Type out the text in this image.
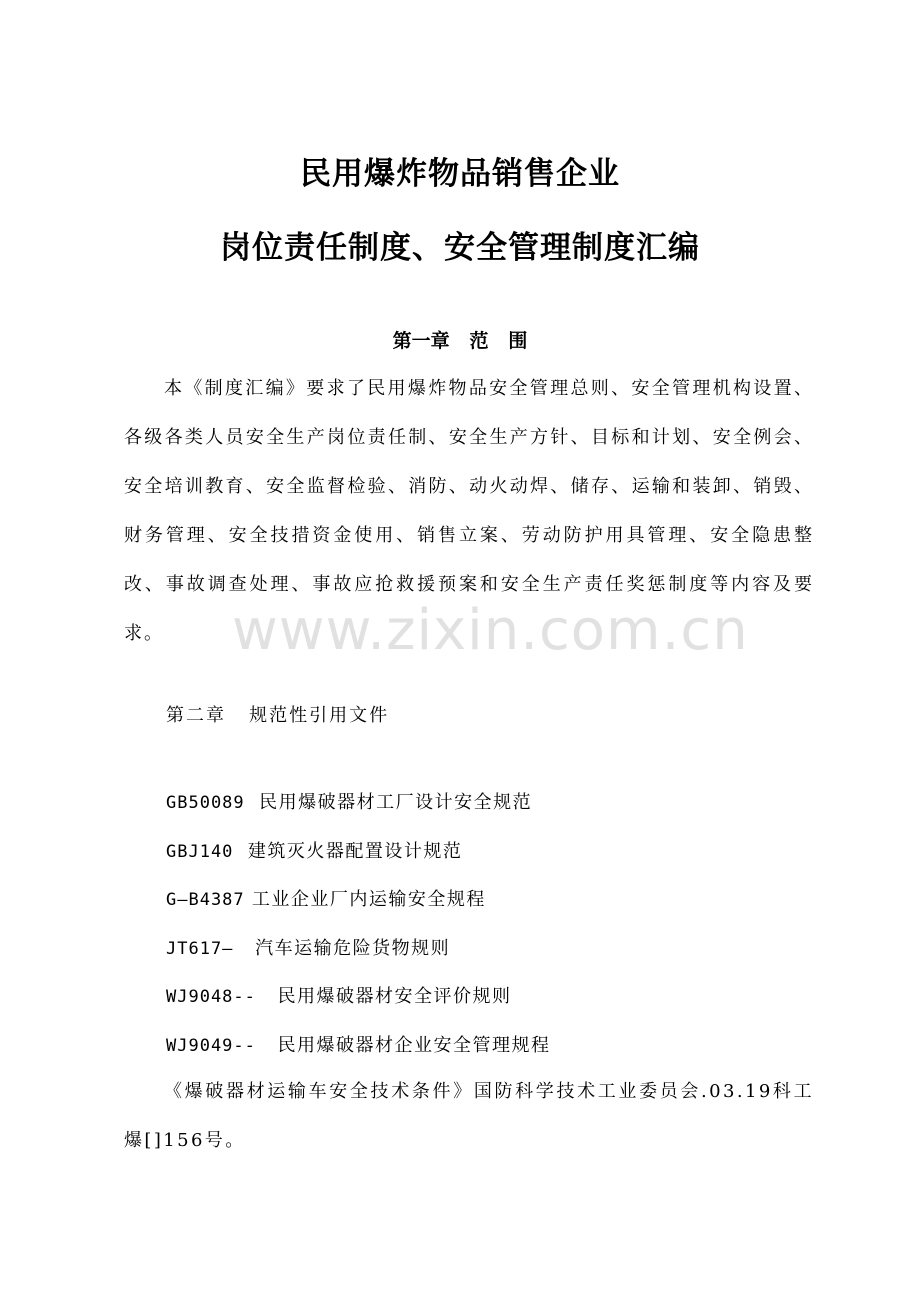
民用爆炸物品销售企业
岗位责任制度、安全管理制度汇编
第一章   范   围
本《制度汇编》要求了民用爆炸物品安全管理总则、安全管理机构设置、各级各类人员安全生产岗位责任制、安全生产方针、目标和计划、安全例会、安全培训教育、安全监督检验、消防、动火动焊、储存、运输和装卸、销毁、财务管理、安全技措资金使用、销售立案、劳动防护用具管理、安全隐患整改、事故调查处理、事故应抢救援预案和安全生产责任奖惩制度等内容及要求。
第二章   规范性引用文件
GB50089 民用爆破器材工厂设计安全规范
GBJ140 建筑灭火器配置设计规范
G—B4387 工业企业厂内运输安全规程
JT617— 汽车运输危险货物规则
WJ9048-- 民用爆破器材安全评价规则
WJ9049-- 民用爆破器材企业安全管理规程
《爆破器材运输车安全技术条件》国防科学技术工业委员会.03.19科工爆[]156号。
www.zixin.com.cn
